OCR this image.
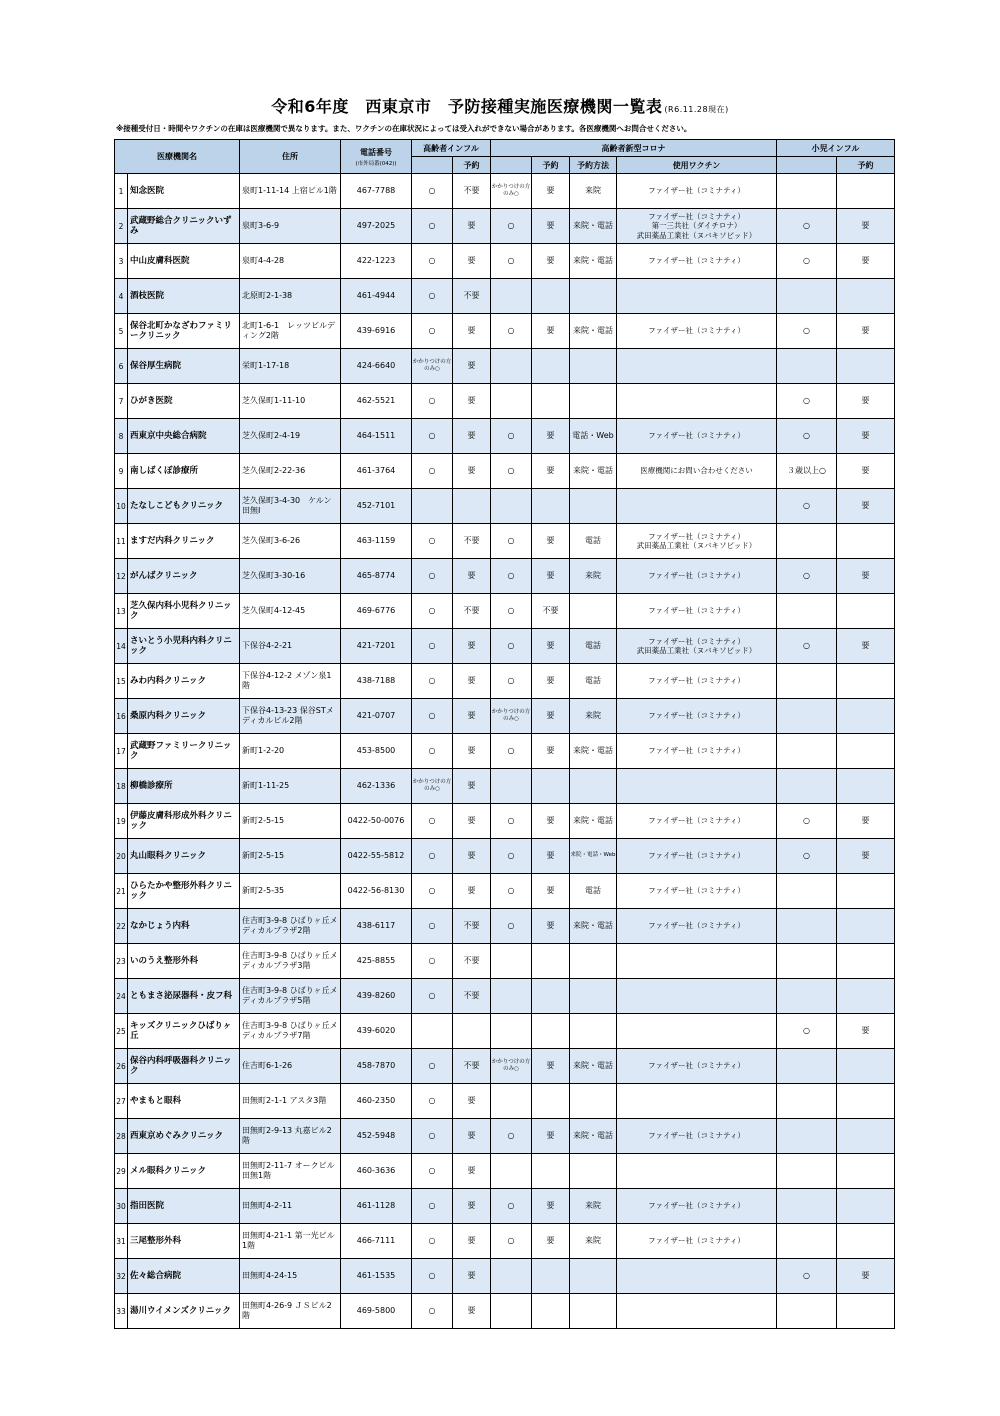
令和6年度　西東京市　予防接種実施医療機関一覧表 (R6.11.28現在)
※接種受付日・時間やワクチンの在庫は医療機関で異なります。また、ワクチンの在庫状況によっては受入れができない場合があります。各医療機関へお問合せください。
医療機関名		住所	電話番号
(市外局番(042))	高齢者インフル		高齢者新型コロナ				小児インフル	
					予約		予約	予約方法	使用ワクチン		予約
1	知念医院	泉町1-11-14 上宿ビル1階	467-7788	○	不要	かかりつけの方のみ○	要	来院	ファイザー社（コミナティ）		
2	武蔵野総合クリニックいずみ	泉町3-6-9	497-2025	○	要	○	要	来院・電話	ファイザー社（コミナティ）
第一三共社（ダイチロナ）
武田薬品工業社（ヌバキソビッド）	○	要
3	中山皮膚科医院	泉町4-4-28	422-1223	○	要	○	要	来院・電話	ファイザー社（コミナティ）	○	要
4	酒枝医院	北原町2-1-38	461-4944	○	不要						
5	保谷北町かなざわファミリークリニック	北町1-6-1　レッツビルディング2階	439-6916	○	要	○	要	来院・電話	ファイザー社（コミナティ）	○	要
6	保谷厚生病院	栄町1-17-18	424-6640	かかりつけの方のみ○	要						
7	ひがき医院	芝久保町1-11-10	462-5521	○	要					○	要
8	西東京中央総合病院	芝久保町2-4-19	464-1511	○	要	○	要	電話・Web	ファイザー社（コミナティ）	○	要
9	南しばくぼ診療所	芝久保町2-22-36	461-3764	○	要	○	要	来院・電話	医療機関にお問い合わせください	３歳以上○	要
10	たなしこどもクリニック	芝久保町3-4-30　ケルン田無Ⅰ	452-7101							○	要
11	ますだ内科クリニック	芝久保町3-6-26	463-1159	○	不要	○	要	電話	ファイザー社（コミナティ）
武田薬品工業社（ヌバキソビッド）		
12	がんばクリニック	芝久保町3-30-16	465-8774	○	要	○	要	来院	ファイザー社（コミナティ）	○	要
13	芝久保内科小児科クリニック	芝久保町4-12-45	469-6776	○	不要	○	不要		ファイザー社（コミナティ）		
14	さいとう小児科内科クリニック	下保谷4-2-21	421-7201	○	要	○	要	電話	ファイザー社（コミナティ）
武田薬品工業社（ヌバキソビッド）	○	要
15	みわ内科クリニック	下保谷4-12-2 メゾン泉1階	438-7188	○	要	○	要	電話	ファイザー社（コミナティ）		
16	桑原内科クリニック	下保谷4-13-23 保谷STメディカルビル2階	421-0707	○	要	かかりつけの方のみ○	要	来院	ファイザー社（コミナティ）		
17	武蔵野ファミリークリニック	新町1-2-20	453-8500	○	要	○	要	来院・電話	ファイザー社（コミナティ）		
18	柳橋診療所	新町1-11-25	462-1336	かかりつけの方のみ○	要						
19	伊藤皮膚科形成外科クリニック	新町2-5-15	0422-50-0076	○	要	○	要	来院・電話	ファイザー社（コミナティ）	○	要
20	丸山眼科クリニック	新町2-5-15	0422-55-5812	○	要	○	要	来院・電話・Web	ファイザー社（コミナティ）	○	要
21	ひらたかや整形外科クリニック	新町2-5-35	0422-56-8130	○	要	○	要	電話	ファイザー社（コミナティ）		
22	なかじょう内科	住吉町3-9-8 ひばりヶ丘メディカルプラザ2階	438-6117	○	不要	○	要	来院・電話	ファイザー社（コミナティ）		
23	いのうえ整形外科	住吉町3-9-8 ひばりヶ丘メディカルプラザ3階	425-8855	○	不要						
24	ともまさ泌尿器科・皮フ科	住吉町3-9-8 ひばりヶ丘メディカルプラザ5階	439-8260	○	不要						
25	キッズクリニックひばりヶ丘	住吉町3-9-8 ひばりヶ丘メディカルプラザ7階	439-6020							○	要
26	保谷内科呼吸器科クリニック	住吉町6-1-26	458-7870	○	不要	かかりつけの方のみ○	要	来院・電話	ファイザー社（コミナティ）		
27	やまもと眼科	田無町2-1-1 アスタ3階	460-2350	○	要						
28	西東京めぐみクリニック	田無町2-9-13 丸嘉ビル2階	452-5948	○	要	○	要	来院・電話	ファイザー社（コミナティ）		
29	メル眼科クリニック	田無町2-11-7 オークビル田無1階	460-3636	○	要						
30	指田医院	田無町4-2-11	461-1128	○	要	○	要	来院	ファイザー社（コミナティ）		
31	三尾整形外科	田無町4-21-1 第一光ビル1階	466-7111	○	要	○	要	来院	ファイザー社（コミナティ）		
32	佐々総合病院	田無町4-24-15	461-1535	○	要					○	要
33	湯川ウイメンズクリニック	田無町4-26-9 ＪＳビル2階	469-5800	○	要						
